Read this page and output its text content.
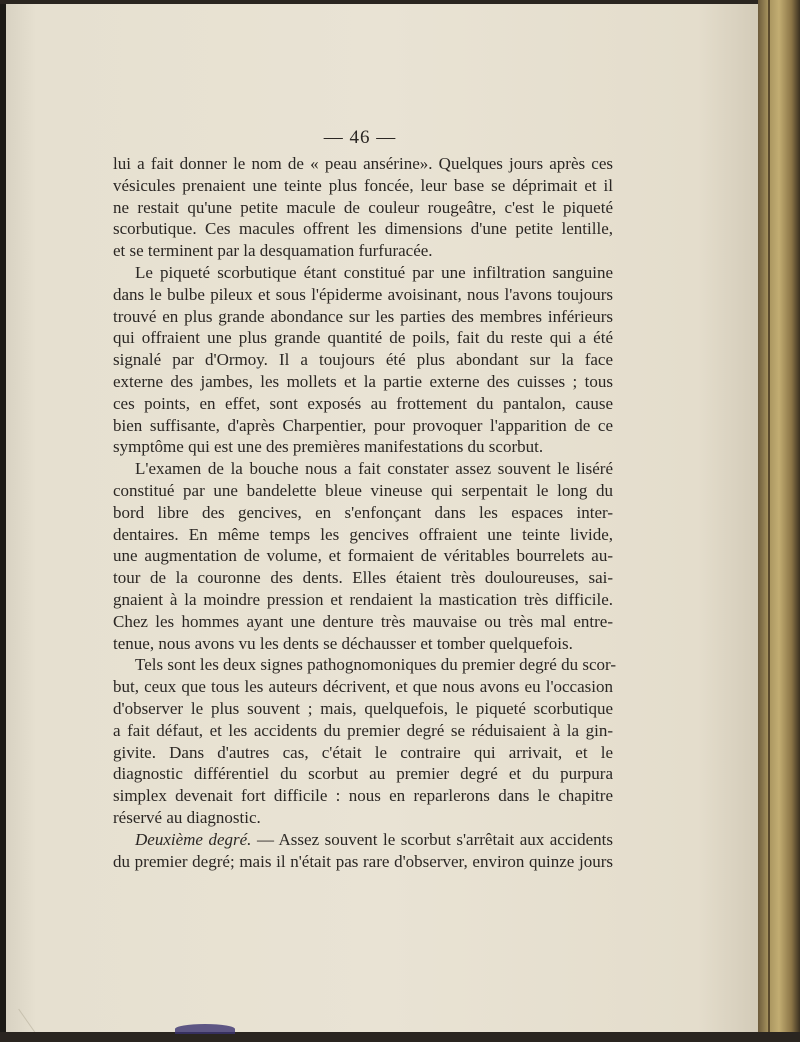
— 46 —
lui a fait donner le nom de « peau ansérine». Quelques jours après ces
vésicules prenaient une teinte plus foncée, leur base se déprimait et il
ne restait qu'une petite macule de couleur rougeâtre, c'est le piqueté
scorbutique. Ces macules offrent les dimensions d'une petite lentille,
et se terminent par la desquamation furfuracée.
Le piqueté scorbutique étant constitué par une infiltration sanguine
dans le bulbe pileux et sous l'épiderme avoisinant, nous l'avons toujours
trouvé en plus grande abondance sur les parties des membres inférieurs
qui offraient une plus grande quantité de poils, fait du reste qui a été
signalé par d'Ormoy. Il a toujours été plus abondant sur la face
externe des jambes, les mollets et la partie externe des cuisses ; tous
ces points, en effet, sont exposés au frottement du pantalon, cause
bien suffisante, d'après Charpentier, pour provoquer l'apparition de ce
symptôme qui est une des premières manifestations du scorbut.
L'examen de la bouche nous a fait constater assez souvent le liséré
constitué par une bandelette bleue vineuse qui serpentait le long du
bord libre des gencives, en s'enfonçant dans les espaces inter-
dentaires. En même temps les gencives offraient une teinte livide,
une augmentation de volume, et formaient de véritables bourrelets au-
tour de la couronne des dents. Elles étaient très douloureuses, sai-
gnaient à la moindre pression et rendaient la mastication très difficile.
Chez les hommes ayant une denture très mauvaise ou très mal entre-
tenue, nous avons vu les dents se déchausser et tomber quelquefois.
Tels sont les deux signes pathognomoniques du premier degré du scor-
but, ceux que tous les auteurs décrivent, et que nous avons eu l'occasion
d'observer le plus souvent ; mais, quelquefois, le piqueté scorbutique
a fait défaut, et les accidents du premier degré se réduisaient à la gin-
givite. Dans d'autres cas, c'était le contraire qui arrivait, et le
diagnostic différentiel du scorbut au premier degré et du purpura
simplex devenait fort difficile : nous en reparlerons dans le chapitre
réservé au diagnostic.
Deuxième degré. — Assez souvent le scorbut s'arrêtait aux accidents
du premier degré; mais il n'était pas rare d'observer, environ quinze jours
